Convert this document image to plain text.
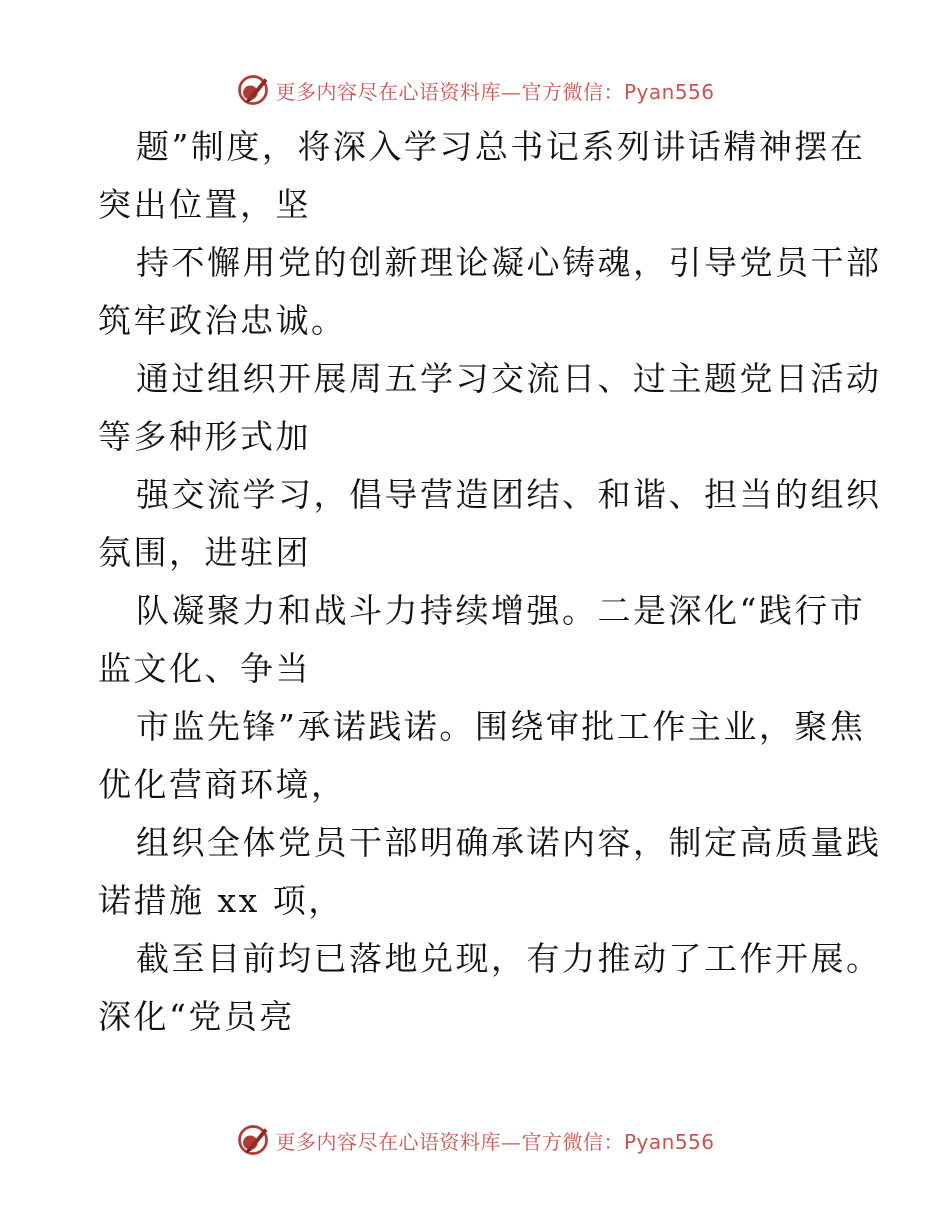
更多内容尽在心语资料库—官方微信：Pyan556
题”制度，将深入学习总书记系列讲话精神摆在
突出位置，坚
持不懈用党的创新理论凝心铸魂，引导党员干部
筑牢政治忠诚。
通过组织开展周五学习交流日、过主题党日活动
等多种形式加
强交流学习，倡导营造团结、和谐、担当的组织
氛围，进驻团
队凝聚力和战斗力持续增强。二是深化“践行市
监文化、争当
市监先锋”承诺践诺。围绕审批工作主业，聚焦
优化营商环境，
组织全体党员干部明确承诺内容，制定高质量践
诺措施 xx 项，
截至目前均已落地兑现，有力推动了工作开展。
深化“党员亮
更多内容尽在心语资料库—官方微信：Pyan556
